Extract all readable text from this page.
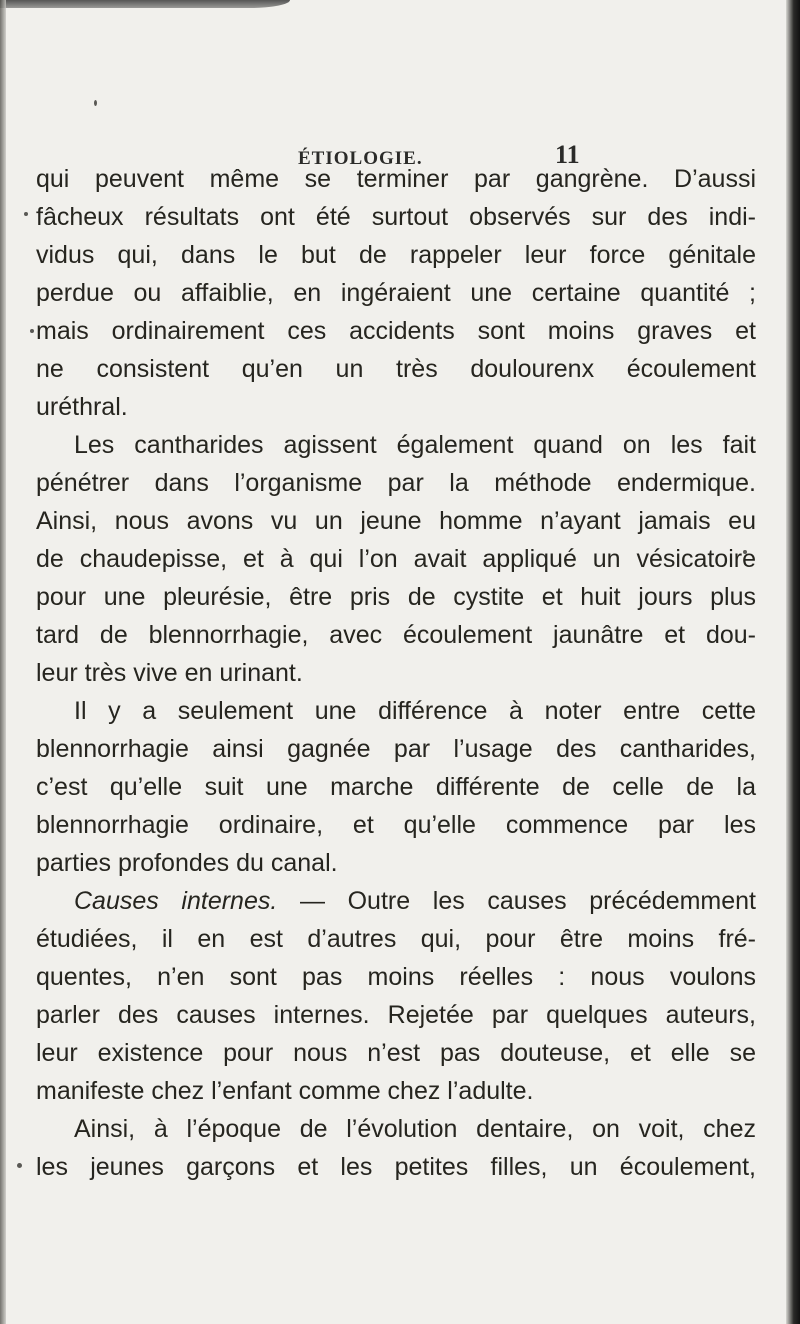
ÉTIOLOGIE.	11
qui peuvent même se terminer par gangrène. D’aussi
fâcheux résultats ont été surtout observés sur des indi-
vidus qui, dans le but de rappeler leur force génitale
perdue ou affaiblie, en ingéraient une certaine quantité ;
mais ordinairement ces accidents sont moins graves et
ne consistent qu’en un très doulourenx écoulement
uréthral.
Les cantharides agissent également quand on les fait
pénétrer dans l’organisme par la méthode endermique.
Ainsi, nous avons vu un jeune homme n’ayant jamais eu
de chaudepisse, et à qui l’on avait appliqué un vésicatoire
pour une pleurésie, être pris de cystite et huit jours plus
tard de blennorrhagie, avec écoulement jaunâtre et dou-
leur très vive en urinant.
Il y a seulement une différence à noter entre cette
blennorrhagie ainsi gagnée par l’usage des cantharides,
c’est qu’elle suit une marche différente de celle de la
blennorrhagie ordinaire, et qu’elle commence par les
parties profondes du canal.
Causes internes. — Outre les causes précédemment
étudiées, il en est d’autres qui, pour être moins fré-
quentes, n’en sont pas moins réelles : nous voulons
parler des causes internes. Rejetée par quelques auteurs,
leur existence pour nous n’est pas douteuse, et elle se
manifeste chez l’enfant comme chez l’adulte.
Ainsi, à l’époque de l’évolution dentaire, on voit, chez
les jeunes garçons et les petites filles, un écoulement,
